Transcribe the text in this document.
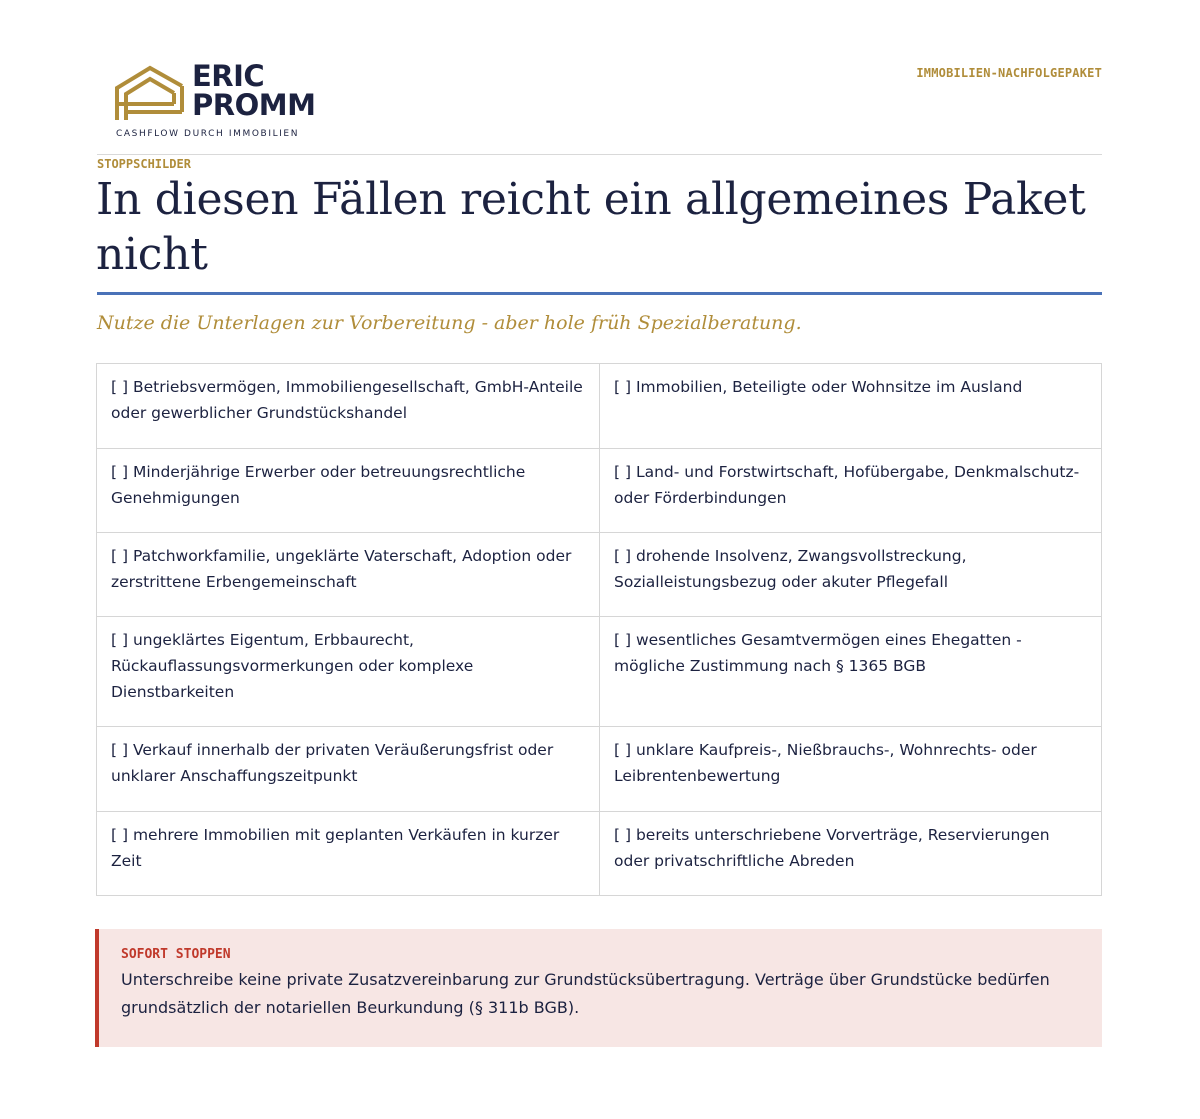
ERIC
PROMM
CASHFLOW DURCH IMMOBILIEN
IMMOBILIEN-NACHFOLGEPAKET
STOPPSCHILDER
In diesen Fällen reicht ein allgemeines Paket nicht
Nutze die Unterlagen zur Vorbereitung - aber hole früh Spezialberatung.
[ ] Betriebsvermögen, Immobiliengesellschaft, GmbH-Anteile oder gewerblicher Grundstückshandel	[ ] Immobilien, Beteiligte oder Wohnsitze im Ausland
[ ] Minderjährige Erwerber oder betreuungsrechtliche Genehmigungen	[ ] Land- und Forstwirtschaft, Hofübergabe, Denkmalschutz- oder Förderbindungen
[ ] Patchworkfamilie, ungeklärte Vaterschaft, Adoption oder zerstrittene Erbengemeinschaft	[ ] drohende Insolvenz, Zwangsvollstreckung, Sozialleistungsbezug oder akuter Pflegefall
[ ] ungeklärtes Eigentum, Erbbaurecht, Rückauflassungsvormerkungen oder komplexe Dienstbarkeiten	[ ] wesentliches Gesamtvermögen eines Ehegatten - mögliche Zustimmung nach § 1365 BGB
[ ] Verkauf innerhalb der privaten Veräußerungsfrist oder unklarer Anschaffungszeitpunkt	[ ] unklare Kaufpreis-, Nießbrauchs-, Wohnrechts- oder Leibrentenbewertung
[ ] mehrere Immobilien mit geplanten Verkäufen in kurzer Zeit	[ ] bereits unterschriebene Vorverträge, Reservierungen oder privatschriftliche Abreden
SOFORT STOPPEN
Unterschreibe keine private Zusatzvereinbarung zur Grundstücksübertragung. Verträge über Grundstücke bedürfen grundsätzlich der notariellen Beurkundung (§ 311b BGB).
